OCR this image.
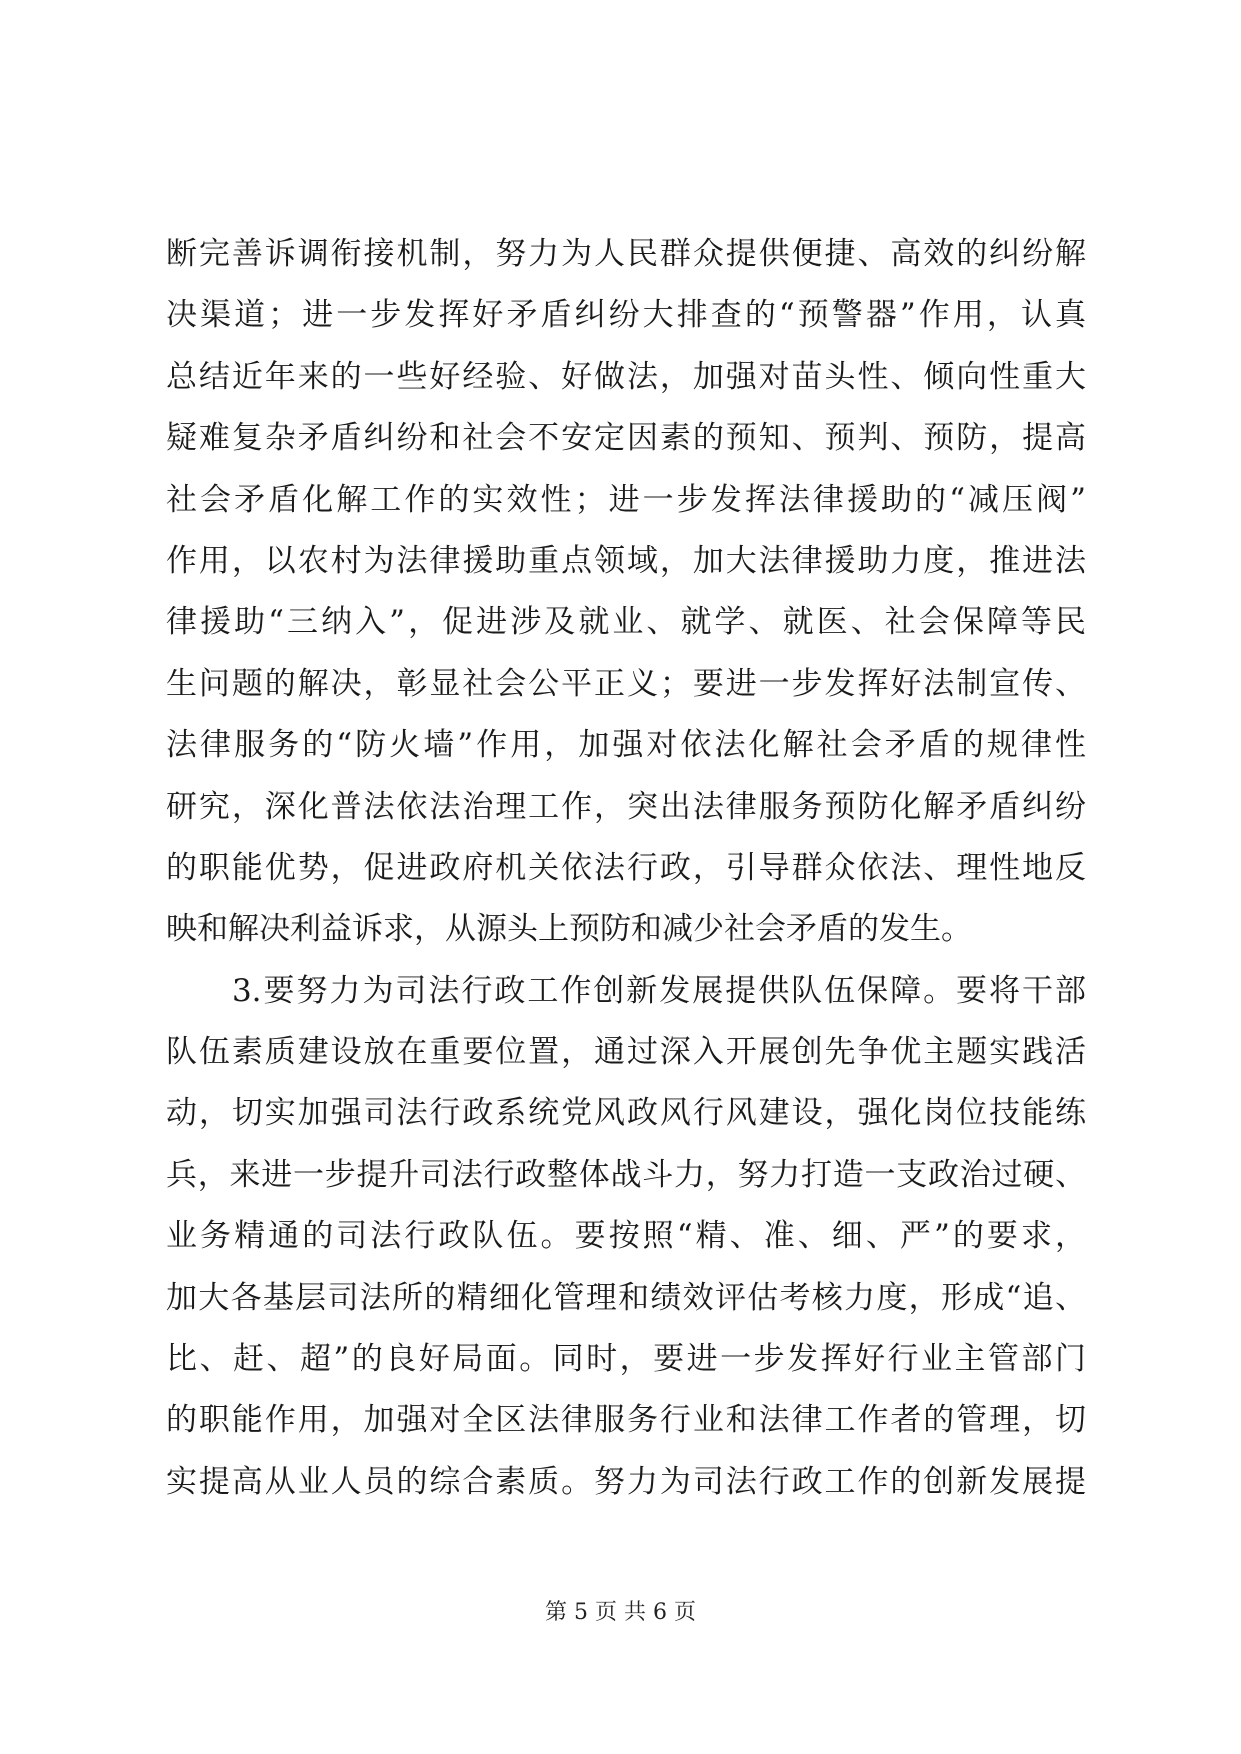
断完善诉调衔接机制，努力为人民群众提供便捷、高效的纠纷解
决渠道；进一步发挥好矛盾纠纷大排查的“预警器”作用，认真
总结近年来的一些好经验、好做法，加强对苗头性、倾向性重大
疑难复杂矛盾纠纷和社会不安定因素的预知、预判、预防，提高
社会矛盾化解工作的实效性；进一步发挥法律援助的“减压阀”
作用，以农村为法律援助重点领域，加大法律援助力度，推进法
律援助“三纳入”，促进涉及就业、就学、就医、社会保障等民
生问题的解决，彰显社会公平正义；要进一步发挥好法制宣传、
法律服务的“防火墙”作用，加强对依法化解社会矛盾的规律性
研究，深化普法依法治理工作，突出法律服务预防化解矛盾纠纷
的职能优势，促进政府机关依法行政，引导群众依法、理性地反
映和解决利益诉求，从源头上预防和减少社会矛盾的发生。
　　3.要努力为司法行政工作创新发展提供队伍保障。要将干部
队伍素质建设放在重要位置，通过深入开展创先争优主题实践活
动，切实加强司法行政系统党风政风行风建设，强化岗位技能练
兵，来进一步提升司法行政整体战斗力，努力打造一支政治过硬、
业务精通的司法行政队伍。要按照“精、准、细、严”的要求，
加大各基层司法所的精细化管理和绩效评估考核力度，形成“追、
比、赶、超”的良好局面。同时，要进一步发挥好行业主管部门
的职能作用，加强对全区法律服务行业和法律工作者的管理，切
实提高从业人员的综合素质。努力为司法行政工作的创新发展提
第 5 页 共 6 页
